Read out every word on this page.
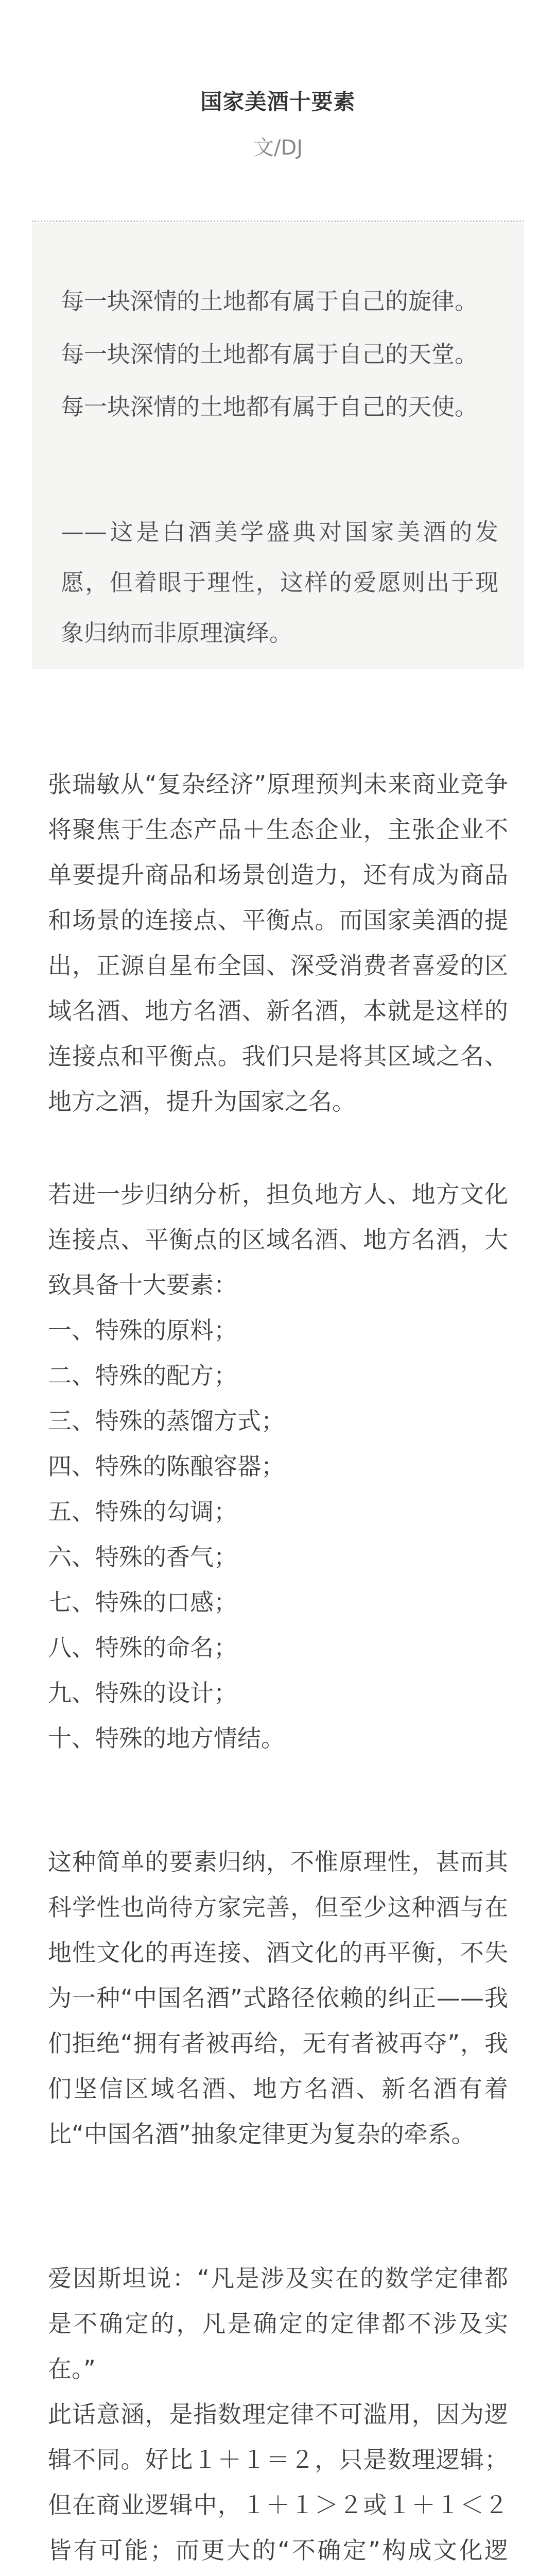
国家美酒十要素
文/DJ
每一块深情的土地都有属于自己的旋律。
每一块深情的土地都有属于自己的天堂。
每一块深情的土地都有属于自己的天使。
——这是白酒美学盛典对国家美酒的发愿，但着眼于理性，这样的爱愿则出于现象归纳而非原理演绎。
张瑞敏从“复杂经济”原理预判未来商业竞争将聚焦于生态产品＋生态企业，主张企业不单要提升商品和场景创造力，还有成为商品和场景的连接点、平衡点。而国家美酒的提出，正源自星布全国、深受消费者喜爱的区域名酒、地方名酒、新名酒，本就是这样的连接点和平衡点。我们只是将其区域之名、地方之酒，提升为国家之名。
若进一步归纳分析，担负地方人、地方文化连接点、平衡点的区域名酒、地方名酒，大致具备十大要素：
一、特殊的原料；
二、特殊的配方；
三、特殊的蒸馏方式；
四、特殊的陈酿容器；
五、特殊的勾调；
六、特殊的香气；
七、特殊的口感；
八、特殊的命名；
九、特殊的设计；
十、特殊的地方情结。
这种简单的要素归纳，不惟原理性，甚而其科学性也尚待方家完善，但至少这种酒与在地性文化的再连接、酒文化的再平衡，不失为一种“中国名酒”式路径依赖的纠正——我们拒绝“拥有者被再给，无有者被再夺”，我们坚信区域名酒、地方名酒、新名酒有着比“中国名酒”抽象定律更为复杂的牵系。
爱因斯坦说：“凡是涉及实在的数学定律都是不确定的，凡是确定的定律都不涉及实在。”
此话意涵，是指数理定律不可滥用，因为逻辑不同。好比１＋１＝２，只是数理逻辑；但在商业逻辑中，１＋１＞２或１＋１＜２皆有可能；而更大的“不确定”构成文化逻
